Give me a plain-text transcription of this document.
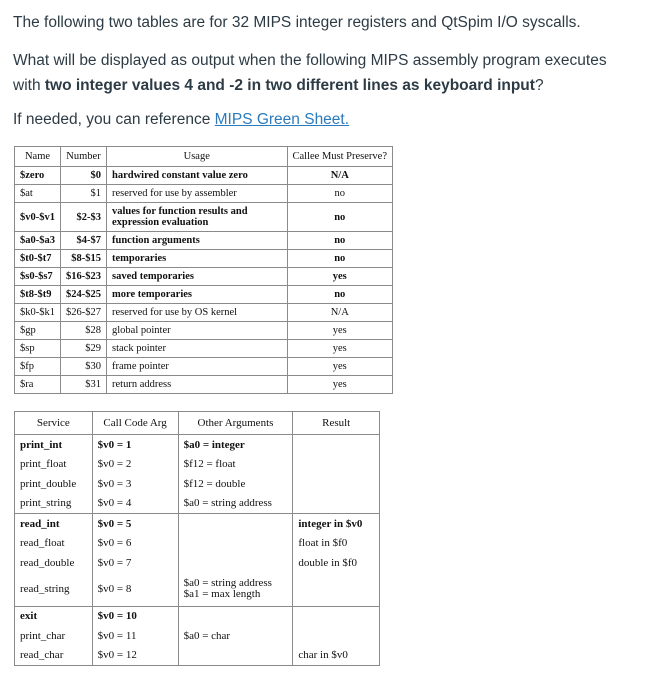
The following two tables are for 32 MIPS integer registers and QtSpim I/O syscalls.

What will be displayed as output when the following MIPS assembly program executes with two integer values 4 and -2 in two different lines as keyboard input?

If needed, you can reference MIPS Green Sheet.

Name	Number	Usage	Callee Must Preserve?
$zero	$0	hardwired constant value zero	N/A
$at	$1	reserved for use by assembler	no
$v0-$v1	$2-$3	values for function results and expression evaluation	no
$a0-$a3	$4-$7	function arguments	no
$t0-$t7	$8-$15	temporaries	no
$s0-$s7	$16-$23	saved temporaries	yes
$t8-$t9	$24-$25	more temporaries	no
$k0-$k1	$26-$27	reserved for use by OS kernel	N/A
$gp	$28	global pointer	yes
$sp	$29	stack pointer	yes
$fp	$30	frame pointer	yes
$ra	$31	return address	yes
Service	Call Code Arg	Other Arguments	Result
print_int	$v0 = 1	$a0 = integer	
print_float	$v0 = 2	$f12 = float	
print_double	$v0 = 3	$f12 = double	
print_string	$v0 = 4	$a0 = string address	
read_int	$v0 = 5		integer in $v0
read_float	$v0 = 6		float in $f0
read_double	$v0 = 7		double in $f0
read_string	$v0 = 8	$a0 = string address
$a1 = max length	

exit	$v0 = 10		
print_char	$v0 = 11	$a0 = char	
read_char	$v0 = 12		char in $v0
